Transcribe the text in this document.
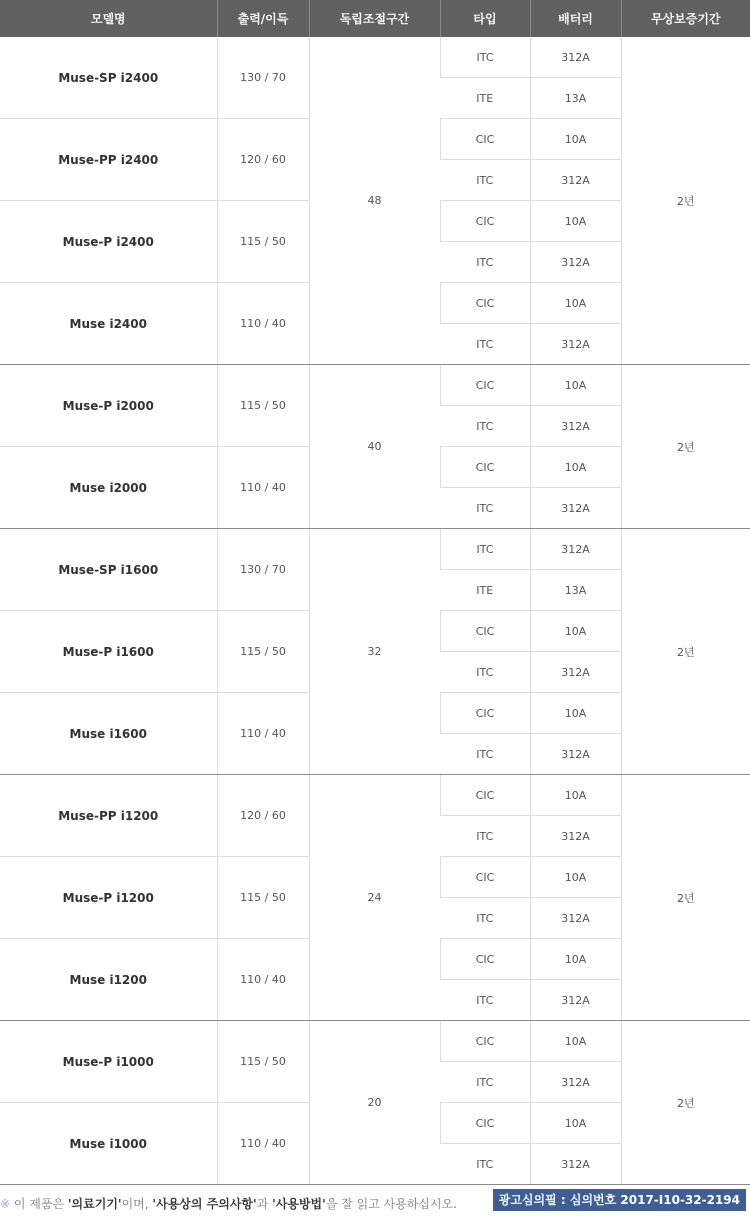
모델명	출력/이득	독립조절구간	타입	배터리	무상보증기간
Muse-SP i2400	130 / 70	48	ITC	312A	2년
			ITE	13A	
Muse-PP i2400	120 / 60		CIC	10A	
			ITC	312A	
Muse-P i2400	115 / 50		CIC	10A	
			ITC	312A	
Muse i2400	110 / 40		CIC	10A	
			ITC	312A	
Muse-P i2000	115 / 50	40	CIC	10A	2년
			ITC	312A	
Muse i2000	110 / 40		CIC	10A	
			ITC	312A	
Muse-SP i1600	130 / 70	32	ITC	312A	2년
			ITE	13A	
Muse-P i1600	115 / 50		CIC	10A	
			ITC	312A	
Muse i1600	110 / 40		CIC	10A	
			ITC	312A	
Muse-PP i1200	120 / 60	24	CIC	10A	2년
			ITC	312A	
Muse-P i1200	115 / 50		CIC	10A	
			ITC	312A	
Muse i1200	110 / 40		CIC	10A	
			ITC	312A	
Muse-P i1000	115 / 50	20	CIC	10A	2년
			ITC	312A	
Muse i1000	110 / 40		CIC	10A	
			ITC	312A	
※ 이 제품은 '의료기기'이며, '사용상의 주의사항'과 '사용방법'을 잘 읽고 사용하십시오.	광고심의필 : 심의번호 2017-I10-32-2194
